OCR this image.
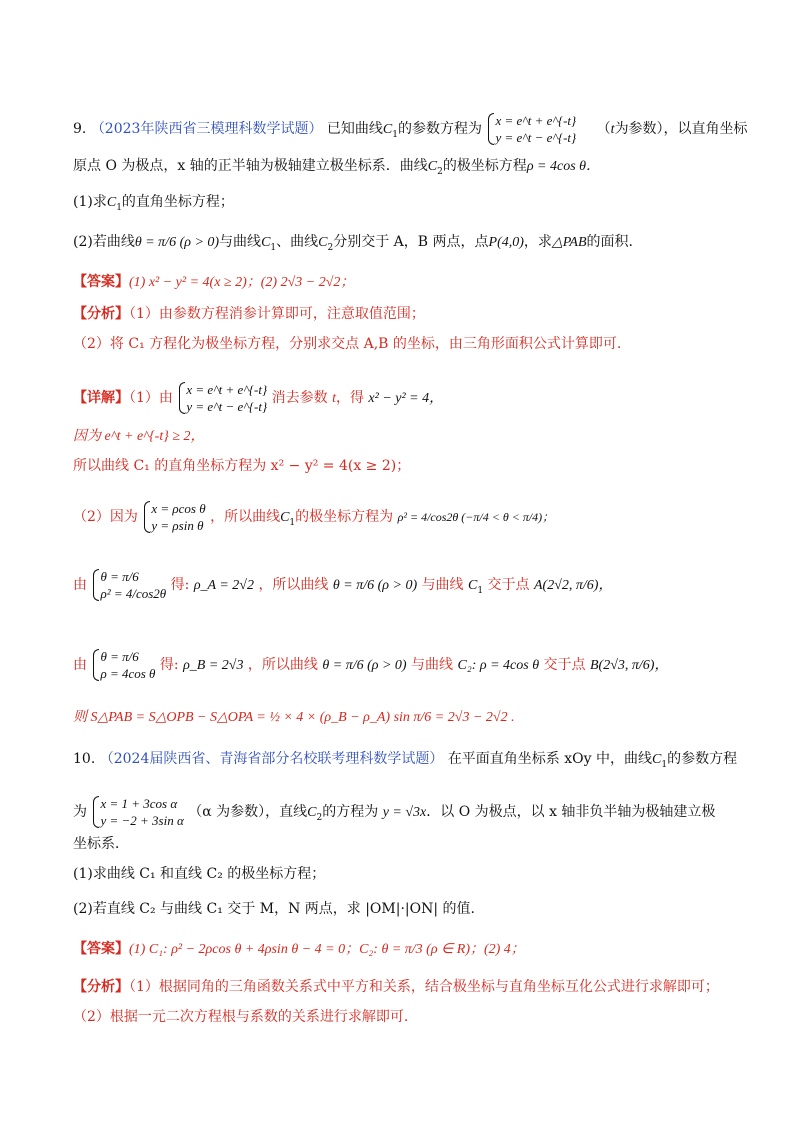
9. （2023年陕西省三模理科数学试题） 已知曲线$C_1$的参数方程为
x = e^t + e^{-t}
y = e^t − e^{-t}
（t为参数），以直角坐标
原点 O 为极点，x 轴的正半轴为极轴建立极坐标系．曲线$C_2$的极坐标方程ρ = 4cos θ．
(1)求$C_1$的直角坐标方程；
(2)若曲线θ = π/6 (ρ > 0)与曲线$C_1$、曲线$C_2$分别交于 A，B 两点，点P(4,0)，求△PAB的面积.
【答案】(1) x² − y² = 4(x ≥ 2)；(2) 2√3 − 2√2；
【分析】（1）由参数方程消参计算即可，注意取值范围；
（2）将 C₁ 方程化为极坐标方程，分别求交点 A,B 的坐标，由三角形面积公式计算即可.
【详解】（1）由
x = e^t + e^{-t}
y = e^t − e^{-t}
消去参数 t，得 x² − y² = 4，
因为 e^t + e^{-t} ≥ 2，
所以曲线 C₁ 的直角坐标方程为 x² − y² = 4(x ≥ 2)；
（2）因为
x = ρcos θ
y = ρsin θ
，所以曲线$C_1$的极坐标方程为 ρ² = 4/cos2θ (−π/4 < θ < π/4)；
由
θ = π/6
ρ² = 4/cos2θ
得: ρ_A = 2√2 ，所以曲线 θ = π/6 (ρ > 0) 与曲线 $C_1$ 交于点 A(2√2, π/6)，
由
θ = π/6
ρ = 4cos θ
得: ρ_B = 2√3 ，所以曲线 θ = π/6 (ρ > 0) 与曲线 C₂: ρ = 4cos θ 交于点 B(2√3, π/6)，
则 S△PAB = S△OPB − S△OPA = ½ × 4 × (ρ_B − ρ_A) sin π/6 = 2√3 − 2√2 .
10. （2024届陕西省、青海省部分名校联考理科数学试题） 在平面直角坐标系 xOy 中，曲线$C_1$的参数方程
为
x = 1 + 3cos α
y = −2 + 3sin α
（α 为参数），直线$C_2$的方程为 y = √3x．以 O 为极点，以 x 轴非负半轴为极轴建立极
坐标系．
(1)求曲线 C₁ 和直线 C₂ 的极坐标方程；
(2)若直线 C₂ 与曲线 C₁ 交于 M，N 两点，求 |OM|·|ON| 的值.
【答案】(1) C₁: ρ² − 2ρcos θ + 4ρsin θ − 4 = 0；C₂: θ = π/3 (ρ ∈ R)；(2) 4；
【分析】（1）根据同角的三角函数关系式中平方和关系，结合极坐标与直角坐标互化公式进行求解即可；
（2）根据一元二次方程根与系数的关系进行求解即可.
